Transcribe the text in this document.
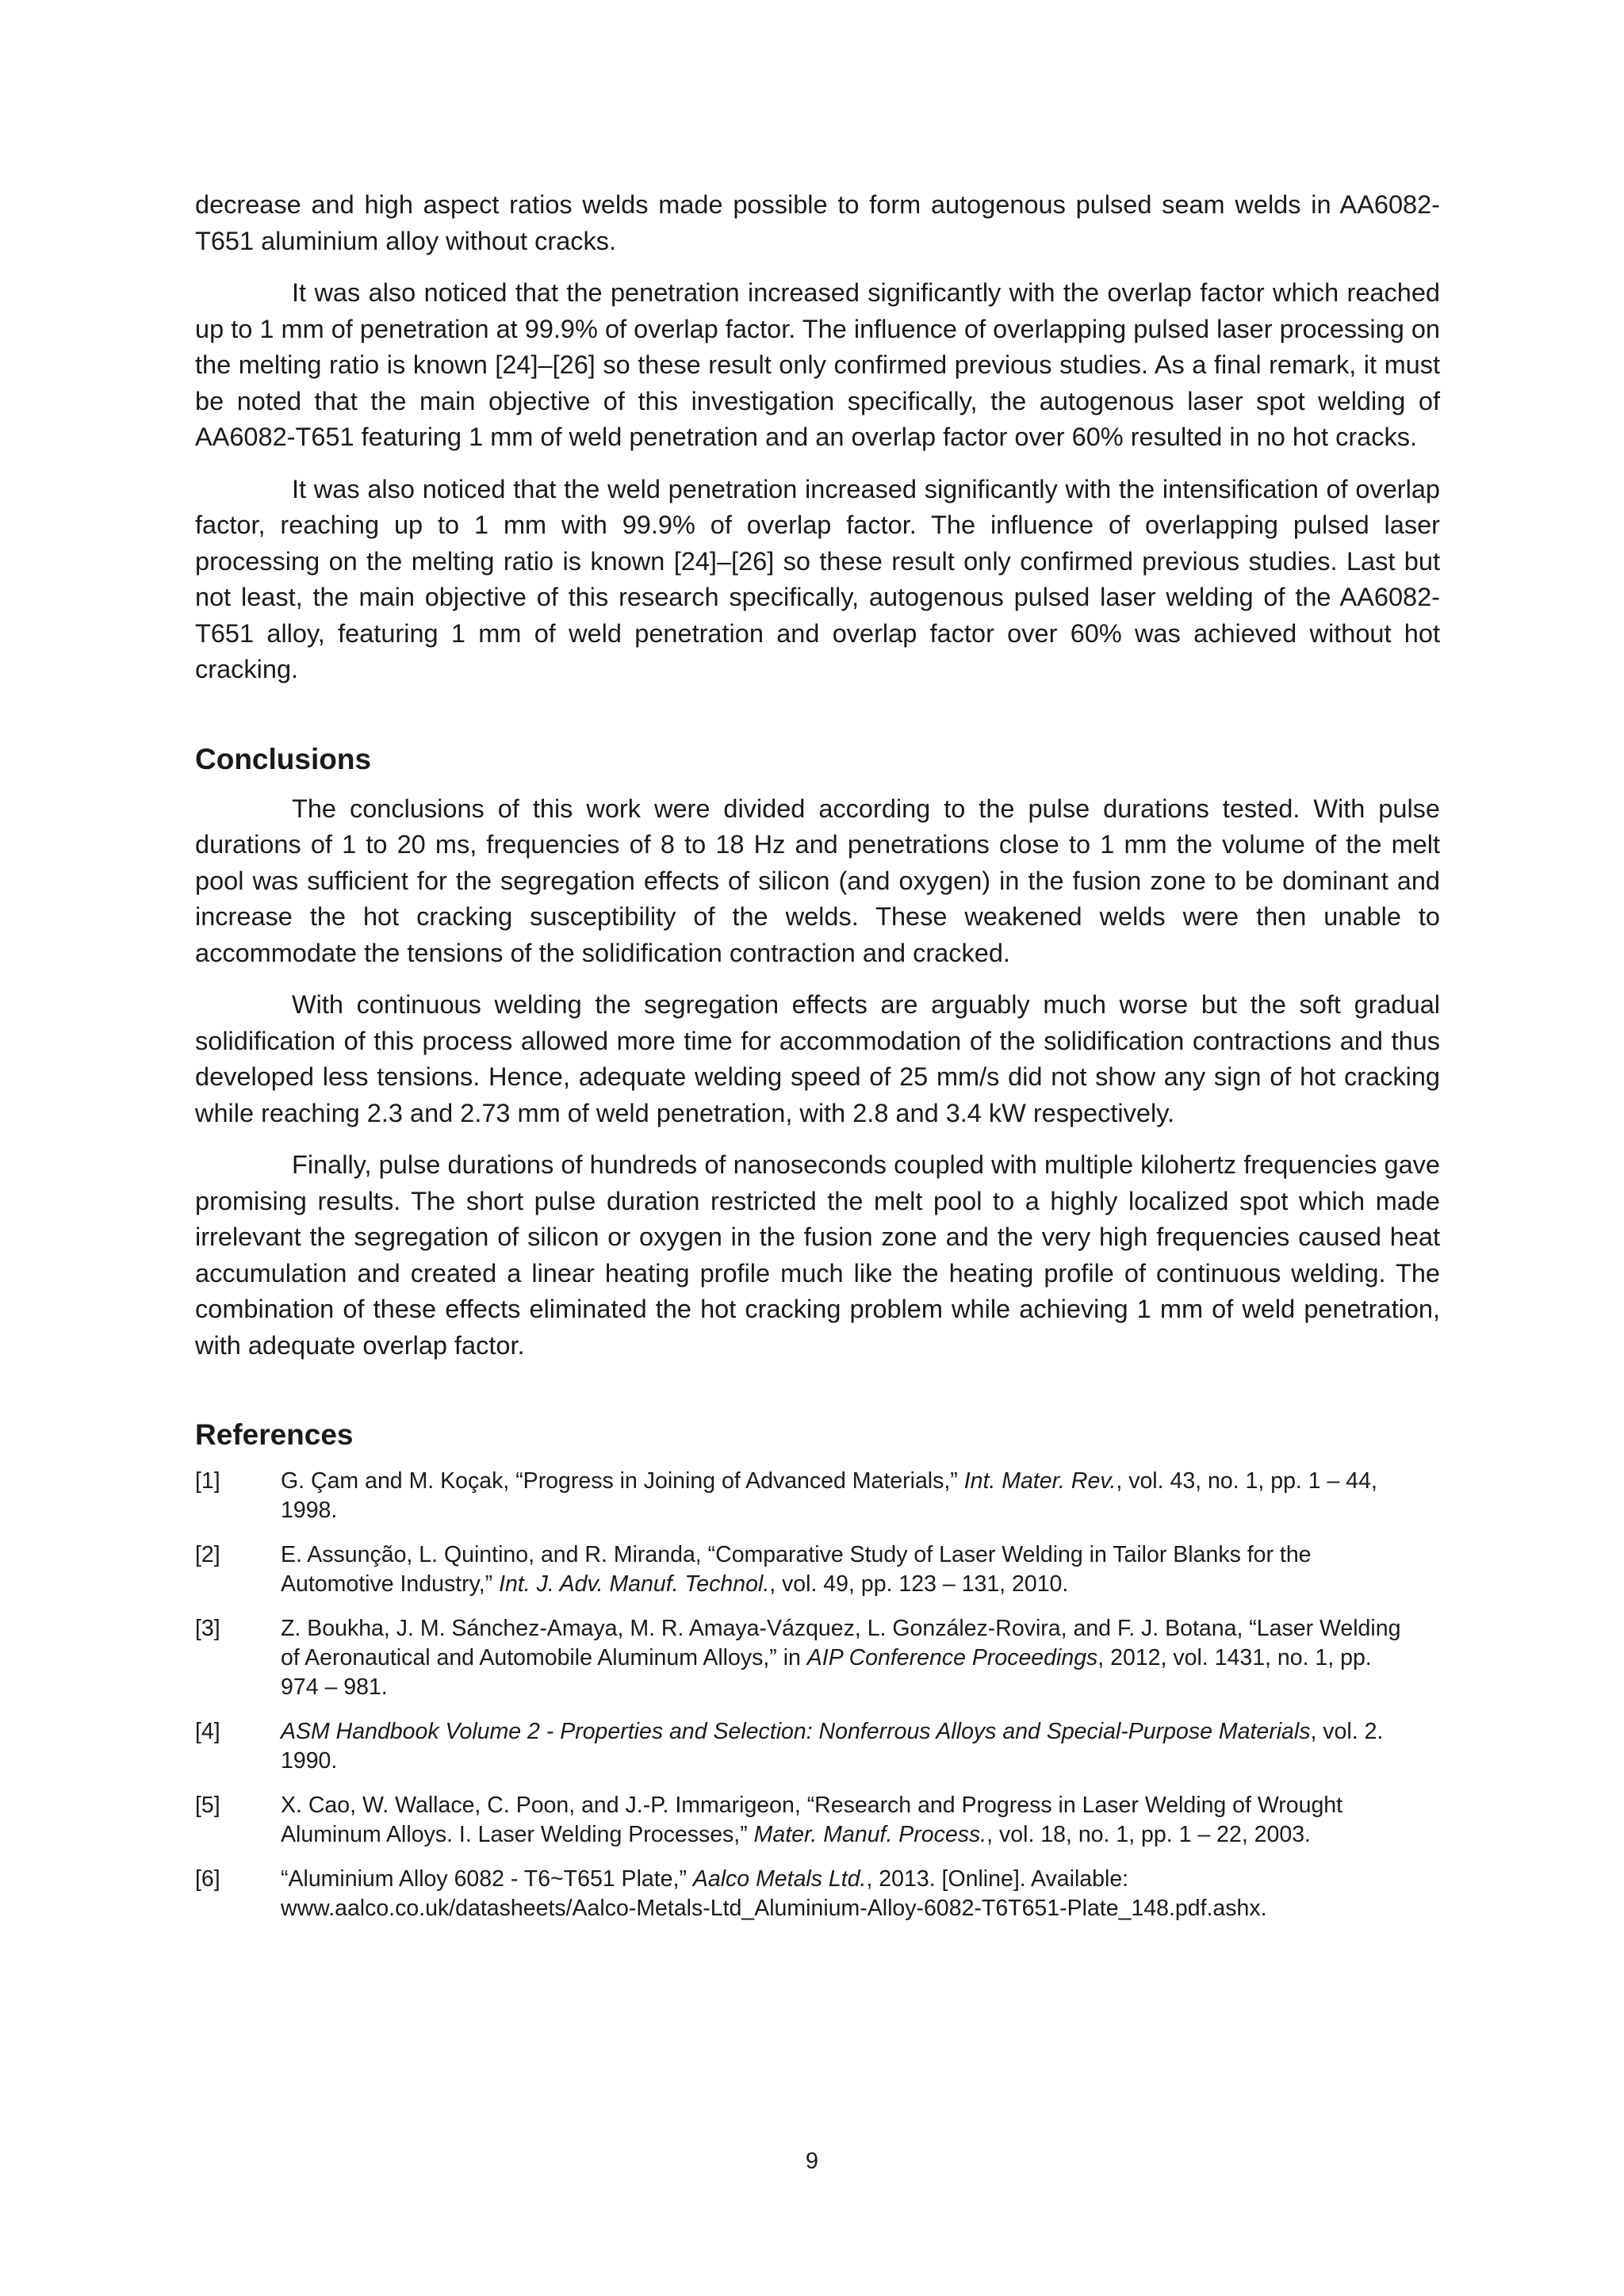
decrease and high aspect ratios welds made possible to form autogenous pulsed seam welds in AA6082-T651 aluminium alloy without cracks.

It was also noticed that the penetration increased significantly with the overlap factor which reached up to 1 mm of penetration at 99.9% of overlap factor. The influence of overlapping pulsed laser processing on the melting ratio is known [24]–[26] so these result only confirmed previous studies. As a final remark, it must be noted that the main objective of this investigation specifically, the autogenous laser spot welding of AA6082-T651 featuring 1 mm of weld penetration and an overlap factor over 60% resulted in no hot cracks.

It was also noticed that the weld penetration increased significantly with the intensification of overlap factor, reaching up to 1 mm with 99.9% of overlap factor. The influence of overlapping pulsed laser processing on the melting ratio is known [24]–[26] so these result only confirmed previous studies. Last but not least, the main objective of this research specifically, autogenous pulsed laser welding of the AA6082-T651 alloy, featuring 1 mm of weld penetration and overlap factor over 60% was achieved without hot cracking.

Conclusions

The conclusions of this work were divided according to the pulse durations tested. With pulse durations of 1 to 20 ms, frequencies of 8 to 18 Hz and penetrations close to 1 mm the volume of the melt pool was sufficient for the segregation effects of silicon (and oxygen) in the fusion zone to be dominant and increase the hot cracking susceptibility of the welds. These weakened welds were then unable to accommodate the tensions of the solidification contraction and cracked.

With continuous welding the segregation effects are arguably much worse but the soft gradual solidification of this process allowed more time for accommodation of the solidification contractions and thus developed less tensions. Hence, adequate welding speed of 25 mm/s did not show any sign of hot cracking while reaching 2.3 and 2.73 mm of weld penetration, with 2.8 and 3.4 kW respectively.

Finally, pulse durations of hundreds of nanoseconds coupled with multiple kilohertz frequencies gave promising results. The short pulse duration restricted the melt pool to a highly localized spot which made irrelevant the segregation of silicon or oxygen in the fusion zone and the very high frequencies caused heat accumulation and created a linear heating profile much like the heating profile of continuous welding. The combination of these effects eliminated the hot cracking problem while achieving 1 mm of weld penetration, with adequate overlap factor.

References
[1]	G. Çam and M. Koçak, “Progress in Joining of Advanced Materials,” Int. Mater. Rev., vol. 43, no. 1, pp. 1 – 44, 1998.
[2]	E. Assunção, L. Quintino, and R. Miranda, “Comparative Study of Laser Welding in Tailor Blanks for the Automotive Industry,” Int. J. Adv. Manuf. Technol., vol. 49, pp. 123 – 131, 2010.
[3]	Z. Boukha, J. M. Sánchez-Amaya, M. R. Amaya-Vázquez, L. González-Rovira, and F. J. Botana, “Laser Welding of Aeronautical and Automobile Aluminum Alloys,” in AIP Conference Proceedings, 2012, vol. 1431, no. 1, pp. 974 – 981.
[4]	ASM Handbook Volume 2 - Properties and Selection: Nonferrous Alloys and Special-Purpose Materials, vol. 2. 1990.
[5]	X. Cao, W. Wallace, C. Poon, and J.-P. Immarigeon, “Research and Progress in Laser Welding of Wrought Aluminum Alloys. I. Laser Welding Processes,” Mater. Manuf. Process., vol. 18, no. 1, pp. 1 – 22, 2003.
[6]	“Aluminium Alloy 6082 - T6~T651 Plate,” Aalco Metals Ltd., 2013. [Online]. Available: www.aalco.co.uk/datasheets/Aalco-Metals-Ltd_Aluminium-Alloy-6082-T6T651-Plate_148.pdf.ashx.
9
